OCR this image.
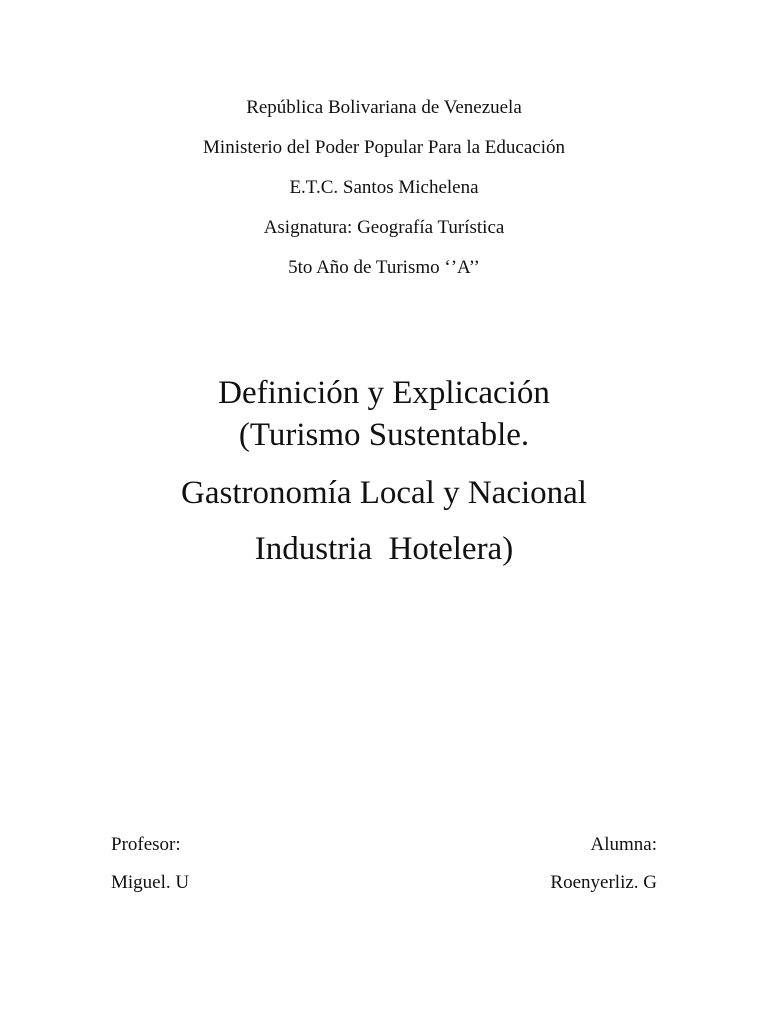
República Bolivariana de Venezuela
Ministerio del Poder Popular Para la Educación
E.T.C. Santos Michelena
Asignatura: Geografía Turística
5to Año de Turismo ‘’A’’
Definición y Explicación
(Turismo Sustentable.
Gastronomía Local y Nacional
Industria  Hotelera)
Profesor:
Miguel. U
Alumna:
Roenyerliz. G
